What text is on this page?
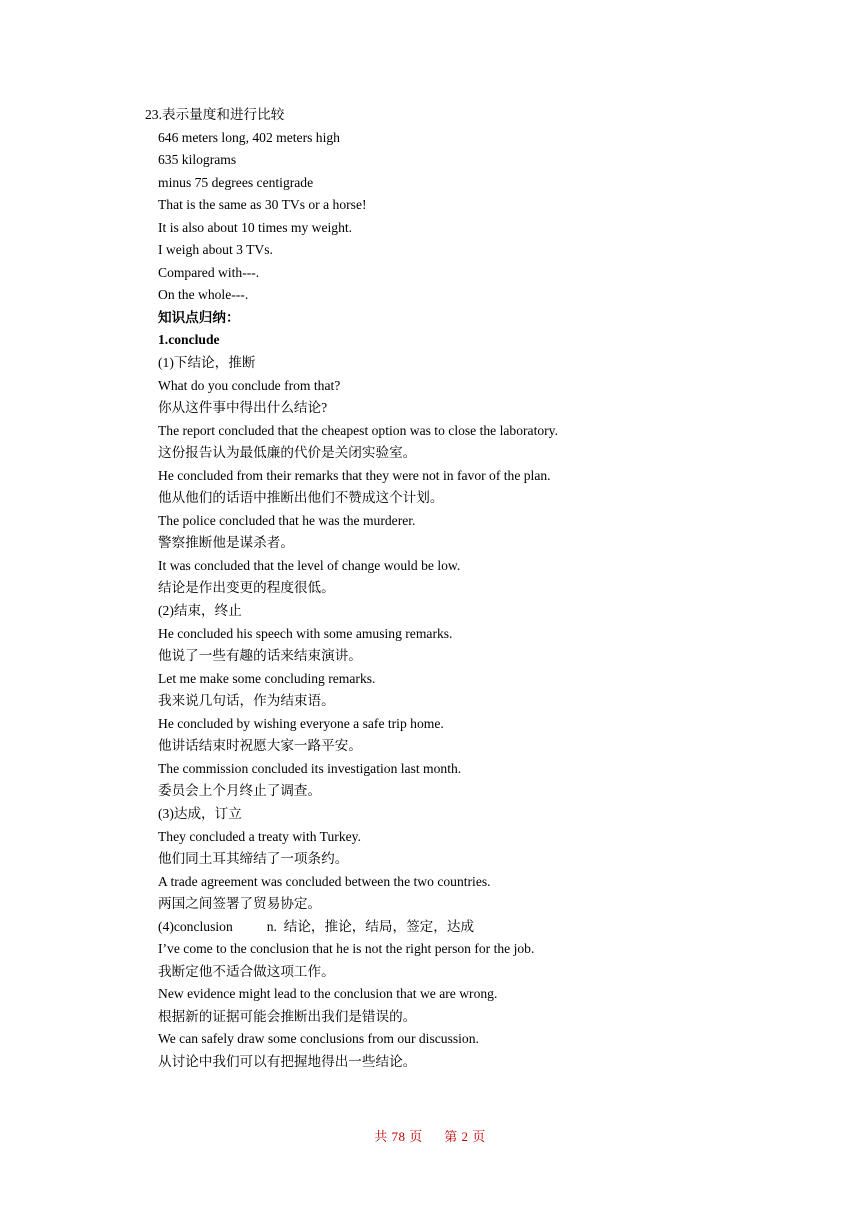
23.表示量度和进行比较
646 meters long, 402 meters high
635 kilograms
minus 75 degrees centigrade
That is the same as 30 TVs or a horse!
It is also about 10 times my weight.
I weigh about 3 TVs.
Compared with---.
On the whole---.
知识点归纳：
1.conclude
(1)下结论，推断
What do you conclude from that?
你从这件事中得出什么结论?
The report concluded that the cheapest option was to close the laboratory.
这份报告认为最低廉的代价是关闭实验室。
He concluded from their remarks that they were not in favor of the plan.
他从他们的话语中推断出他们不赞成这个计划。
The police concluded that he was the murderer.
警察推断他是谋杀者。
It was concluded that the level of change would be low.
结论是作出变更的程度很低。
(2)结束，终止
He concluded his speech with some amusing remarks.
他说了一些有趣的话来结束演讲。
Let me make some concluding remarks.
我来说几句话，作为结束语。
He concluded by wishing everyone a safe trip home.
他讲话结束时祝愿大家一路平安。
The commission concluded its investigation last month.
委员会上个月终止了调查。
(3)达成，订立
They concluded a treaty with Turkey.
他们同土耳其缔结了一项条约。
A trade agreement was concluded between the two countries.
两国之间签署了贸易协定。
(4)conclusion          n.  结论，推论，结局，签定，达成
I’ve come to the conclusion that he is not the right person for the job.
我断定他不适合做这项工作。
New evidence might lead to the conclusion that we are wrong.
根据新的证据可能会推断出我们是错误的。
We can safely draw some conclusions from our discussion.
从讨论中我们可以有把握地得出一些结论。
共 78 页 第 2 页
